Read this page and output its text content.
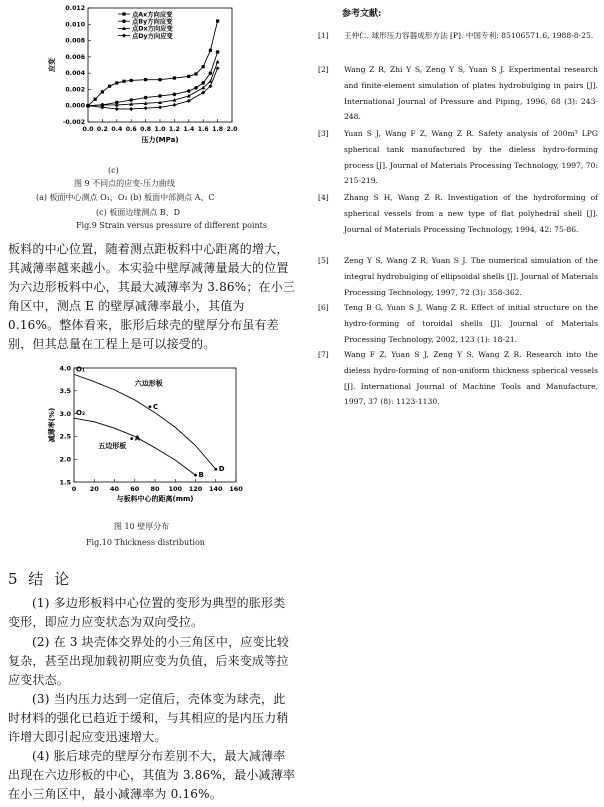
0.0 0.2 0.4 0.6 0.8 1.0 1.2 1.4 1.6 1.8 2.0
-0.002
0.000
0.002
0.004
0.006
0.008
0.010
0.012
压力(MPa)
应变
点Ax方向应变
点By方向应变
点Dx方向应变
点Dy方向应变
(c)
图 9 不同点的应变-压力曲线
(a) 板面中心测点 O₁、O₂ (b) 板面中部测点 A、C
(c) 板面边缘测点 B、D
Fig.9 Strain versus pressure of different points
板料的中心位置，随着测点距板料中心距离的增大，其减薄率越来越小。本实验中壁厚减薄量最大的位置为六边形板料中心，其最大减薄率为 3.86%；在小三角区中，测点 E 的壁厚减薄率最小，其值为 0.16%。整体看来，胀形后球壳的壁厚分布虽有差别，但其总量在工程上是可以接受的。
0 20 40 60 80 100 120 140 160
1.5
2.0
2.5
3.0
3.5
4.0
与板料中心的距离(mm)
减薄率(%)
六边形板
五边形板
O₁
O₂
C
A
B
D
图 10 壁厚分布
Fig.10 Thickness distribution
5 结 论
(1) 多边形板料中心位置的变形为典型的胀形类变形，即应力应变状态为双向受拉。
(2) 在 3 块壳体交界处的小三角区中，应变比较复杂，甚至出现加载初期应变为负值，后来变成等拉应变状态。
(3) 当内压力达到一定值后，壳体变为球壳，此时材料的强化已趋近于缓和，与其相应的是内压力稍许增大即引起应变迅速增大。
(4) 胀后球壳的壁厚分布差别不大，最大减薄率出现在六边形板的中心，其值为 3.86%，最小减薄率在小三角区中，最小减薄率为 0.16%。
参考文献:
[1] 王仲仁. 球形压力容器成形方法 [P]. 中国专利: 85106571.6, 1988-8-25.
[2] Wang Z R, Zhi Y S, Zeng Y S, Yuan S J. Experimental research and finite-element simulation of plates hydrobulging in pairs [J]. International Journal of Pressure and Piping, 1996, 68 (3): 243-248.
[3] Yuan S J, Wang F Z, Wang Z R. Safety analysis of 200m³ LPG spherical tank manufactured by the dieless hydro-forming process [J]. Journal of Materials Processing Technology, 1997, 70: 215-219.
[4] Zhang S H, Wang Z R. Investigation of the hydroforming of spherical vessels from a new type of flat polyhedral shell [J]. Journal of Materials Processing Technology, 1994, 42: 75-86.
[5] Zeng Y S, Wang Z R, Yuan S J. The numerical simulation of the integral hydrobulging of ellipsoidal shells [J]. Journal of Materials Processing Technology, 1997, 72 (3): 358-362.
[6] Teng B G, Yuan S J, Wang Z R. Effect of initial structure on the hydro-forming of toroidal shells [J]. Journal of Materials Processing Technology, 2002, 123 (1): 18-21.
[7] Wang F Z, Yuan S J, Zeng Y S, Wang Z R. Research into the dieless hydro-forming of non-uniform thickness spherical vessels [J]. International Journal of Machine Tools and Manufacture, 1997, 37 (8): 1123-1130.
